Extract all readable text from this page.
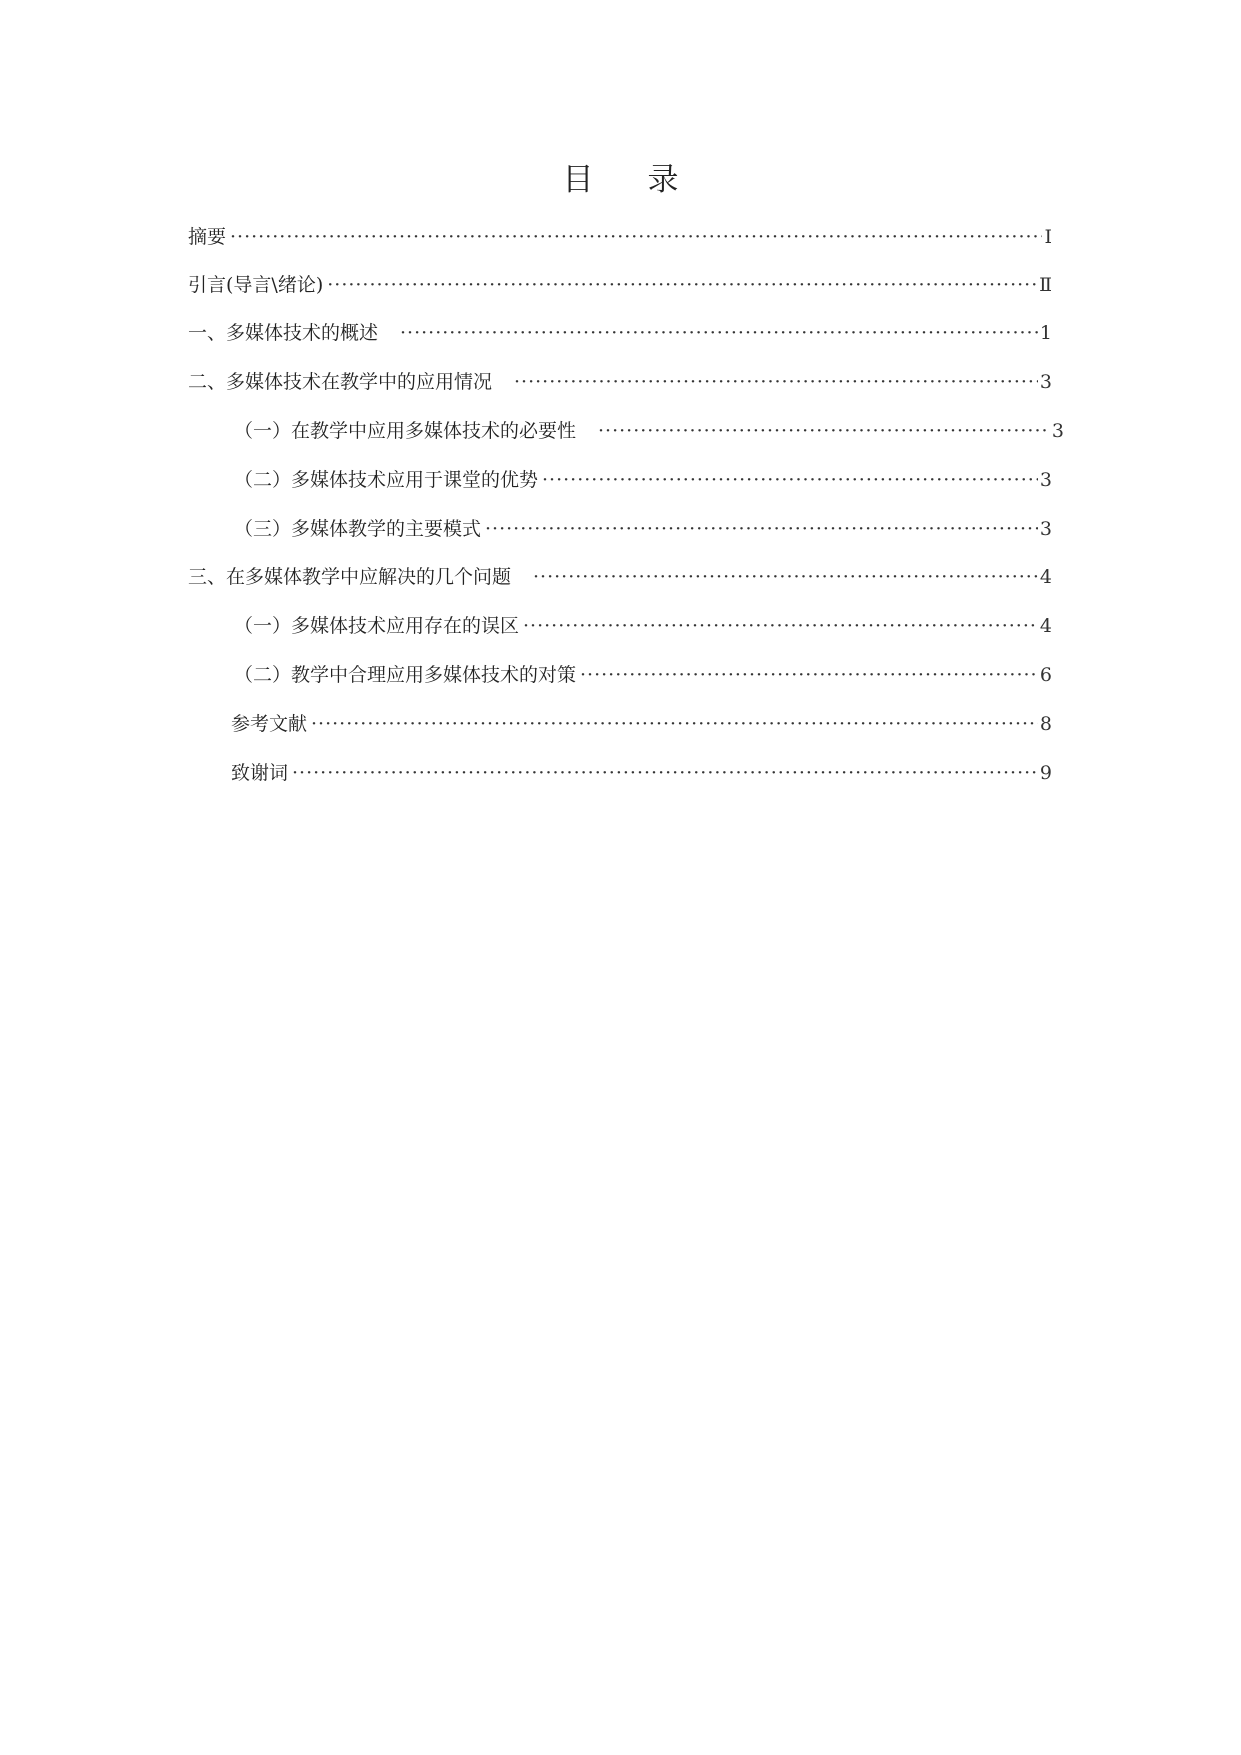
目录
摘要 ·····	I
引言(导言\绪论) ·····	Ⅱ
一、多媒体技术的概述 ·····	1
二、多媒体技术在教学中的应用情况 ·····	3
（一）在教学中应用多媒体技术的必要性 ·····	3
（二）多媒体技术应用于课堂的优势 ·····	3
（三）多媒体教学的主要模式 ·····	3
三、在多媒体教学中应解决的几个问题 ·····	4
（一）多媒体技术应用存在的误区 ·····	4
（二）教学中合理应用多媒体技术的对策 ·····	6
参考文献 ·····	8
致谢词 ·····	9
